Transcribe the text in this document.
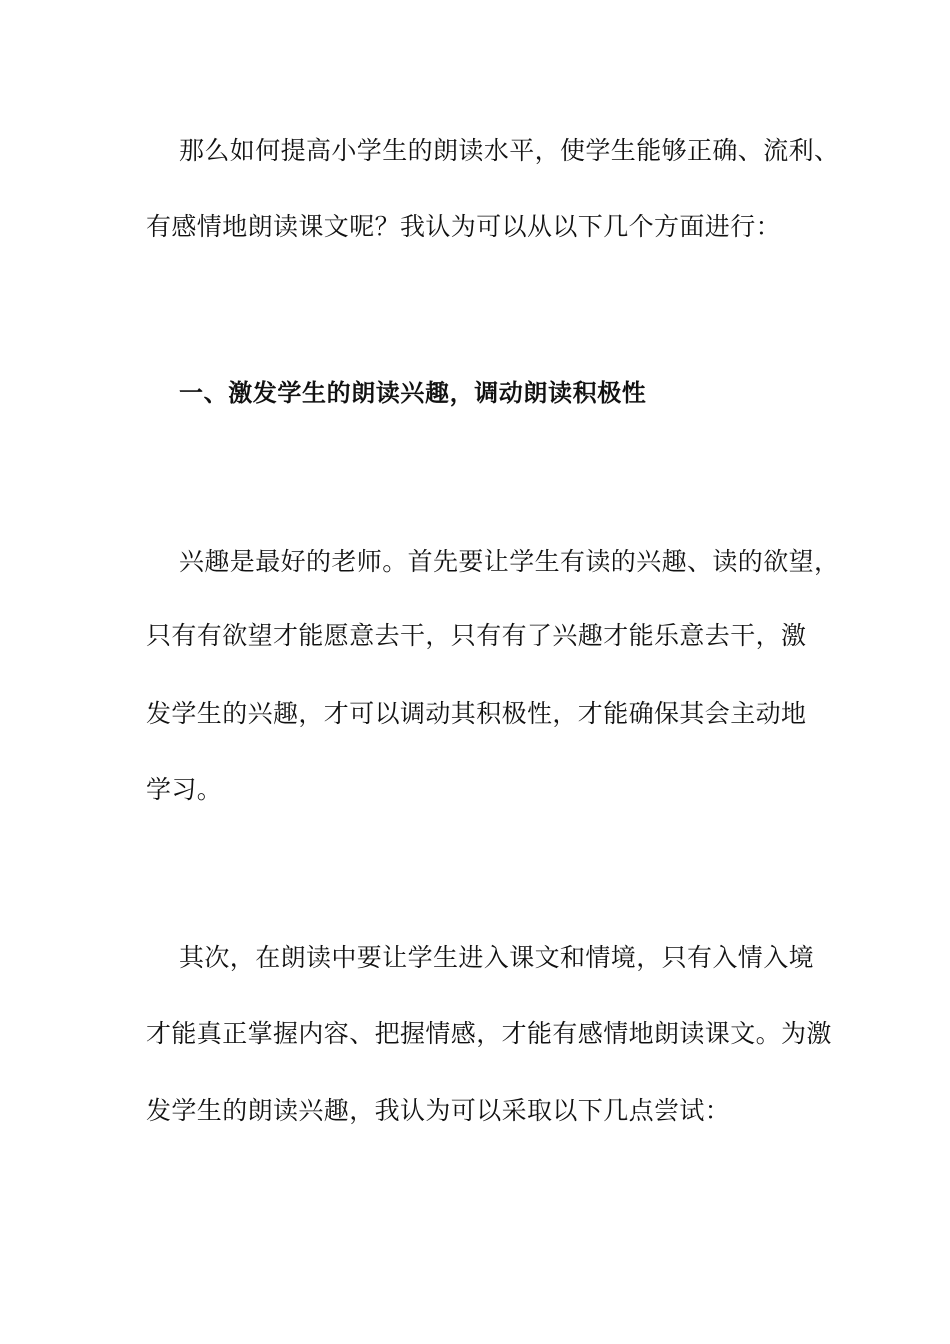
那么如何提高小学生的朗读水平，使学生能够正确、流利、
有感情地朗读课文呢？我认为可以从以下几个方面进行：
一、激发学生的朗读兴趣，调动朗读积极性
兴趣是最好的老师。首先要让学生有读的兴趣、读的欲望，
只有有欲望才能愿意去干，只有有了兴趣才能乐意去干，激
发学生的兴趣，才可以调动其积极性，才能确保其会主动地
学习。
其次，在朗读中要让学生进入课文和情境，只有入情入境
才能真正掌握内容、把握情感，才能有感情地朗读课文。为激
发学生的朗读兴趣，我认为可以采取以下几点尝试：
